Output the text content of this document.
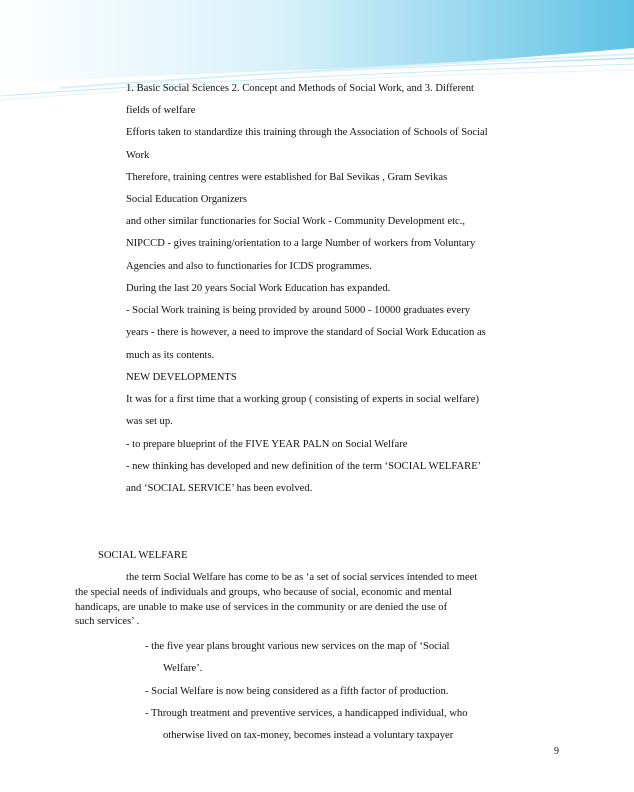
1. Basic Social Sciences 2. Concept and Methods of Social Work, and 3. Different
fields of welfare
Efforts taken to standardize this training through the Association of Schools of Social
Work
Therefore, training centres were established for Bal Sevikas , Gram Sevikas
Social Education Organizers
and other similar functionaries for Social Work - Community Development etc.,
NIPCCD - gives training/orientation to a large Number of workers from Voluntary
Agencies and also to functionaries for ICDS programmes.
During the last 20 years Social Work Education has expanded.
- Social Work training is being provided by around 5000 - 10000 graduates every
years - there is however, a need to improve the standard of Social Work Education as
much as its contents.
NEW DEVELOPMENTS
It was for a first time that a working group ( consisting of experts in social welfare)
was set up.
- to prepare blueprint of the FIVE YEAR PALN on Social Welfare
- new thinking has developed and new definition of the term ‘SOCIAL WELFARE’
and ‘SOCIAL SERVICE’ has been evolved.
SOCIAL WELFARE
the term Social Welfare has come to be as ‘a set of social services intended to meet
the special needs of individuals and groups, who because of social, economic and mental
handicaps, are unable to make use of services in the community or are denied the use of
such services’ .
- the five year plans brought various new services on the map of ‘Social
Welfare’.
- Social Welfare is now being considered as a fifth factor of production.
- Through treatment and preventive services, a handicapped individual, who
otherwise lived on tax-money, becomes instead a voluntary taxpayer
9
